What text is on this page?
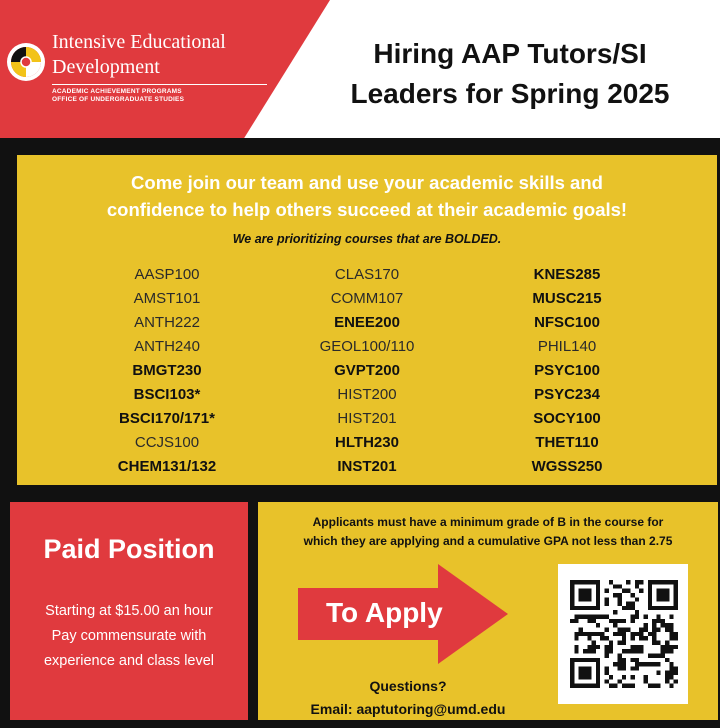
Intensive Educational
Development
ACADEMIC ACHIEVEMENT PROGRAMS
OFFICE OF UNDERGRADUATE STUDIES
Hiring AAP Tutors/SI
Leaders for Spring 2025
Come join our team and use your academic skills and
confidence to help others succeed at their academic goals!
We are prioritizing courses that are BOLDED.
AASP100
AMST101
ANTH222
ANTH240
BMGT230
BSCI103*
BSCI170/171*
CCJS100
CHEM131/132
CLAS170
COMM107
ENEE200
GEOL100/110
GVPT200
HIST200
HIST201
HLTH230
INST201
KNES285
MUSC215
NFSC100
PHIL140
PSYC100
PSYC234
SOCY100
THET110
WGSS250
Paid Position
Starting at $15.00 an hour
Pay commensurate with
experience and class level
Applicants must have a minimum grade of B in the course for
which they are applying and a cumulative GPA not less than 2.75
To Apply
Questions?
Email: aaptutoring@umd.edu
